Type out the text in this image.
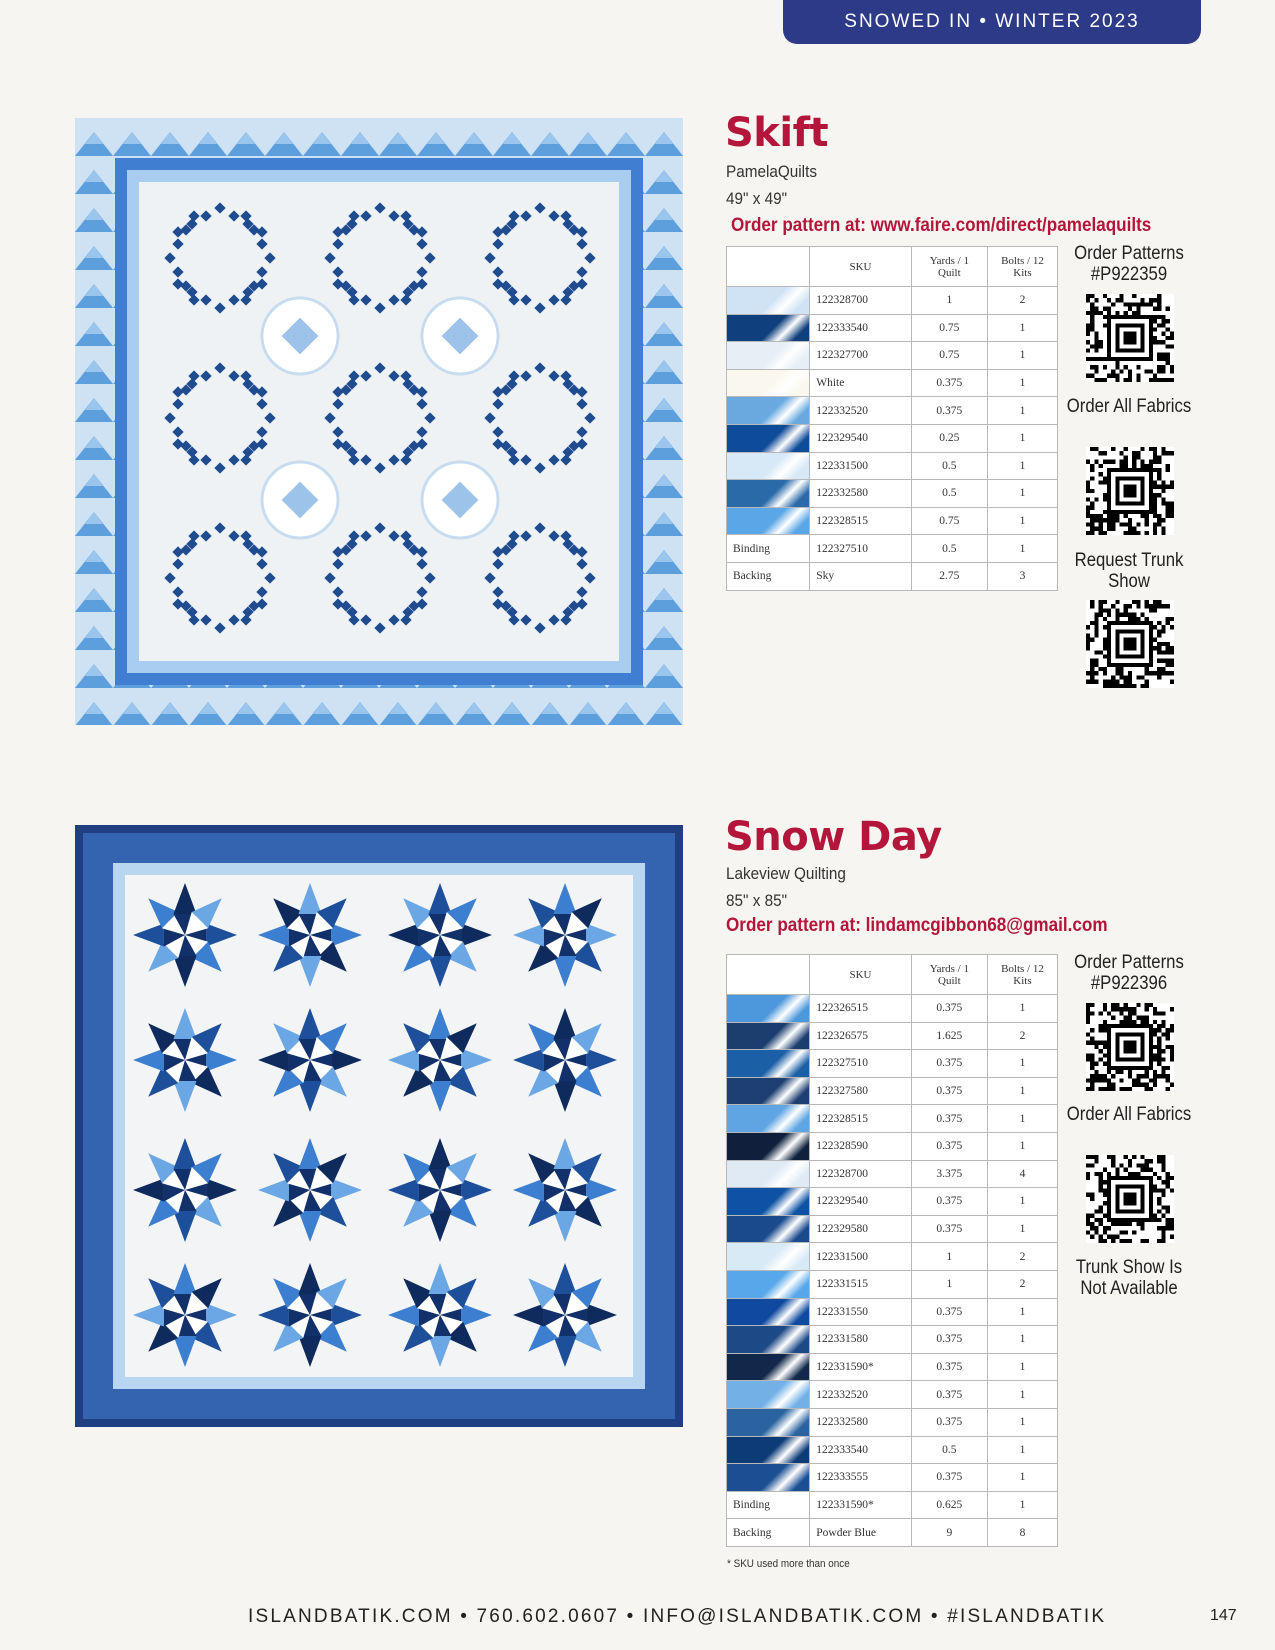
SNOWED IN • WINTER 2023
Skift
PamelaQuilts
49" x 49"
Order pattern at: www.faire.com/direct/pamelaquilts
	SKU	Yards / 1 Quilt	Bolts / 12 Kits

	122328700	1	2

	122333540	0.75	1

	122327700	0.75	1

	White	0.375	1

	122332520	0.375	1

	122329540	0.25	1

	122331500	0.5	1

	122332580	0.5	1

	122328515	0.75	1
Binding	122327510	0.5	1
Backing	Sky	2.75	3
Order Patterns #P922359
Order All Fabrics
Request Trunk Show
Snow Day
Lakeview Quilting
85" x 85"
Order pattern at: lindamcgibbon68@gmail.com
	SKU	Yards / 1 Quilt	Bolts / 12 Kits

	122326515	0.375	1

	122326575	1.625	2

	122327510	0.375	1

	122327580	0.375	1

	122328515	0.375	1

	122328590	0.375	1

	122328700	3.375	4

	122329540	0.375	1

	122329580	0.375	1

	122331500	1	2

	122331515	1	2

	122331550	0.375	1

	122331580	0.375	1

	122331590*	0.375	1

	122332520	0.375	1

	122332580	0.375	1

	122333540	0.5	1

	122333555	0.375	1
Binding	122331590*	0.625	1
Backing	Powder Blue	9	8
Order Patterns #P922396
Order All Fabrics
Trunk Show Is Not Available
* SKU used more than once
ISLANDBATIK.COM • 760.602.0607 • INFO@ISLANDBATIK.COM • #ISLANDBATIK	147
